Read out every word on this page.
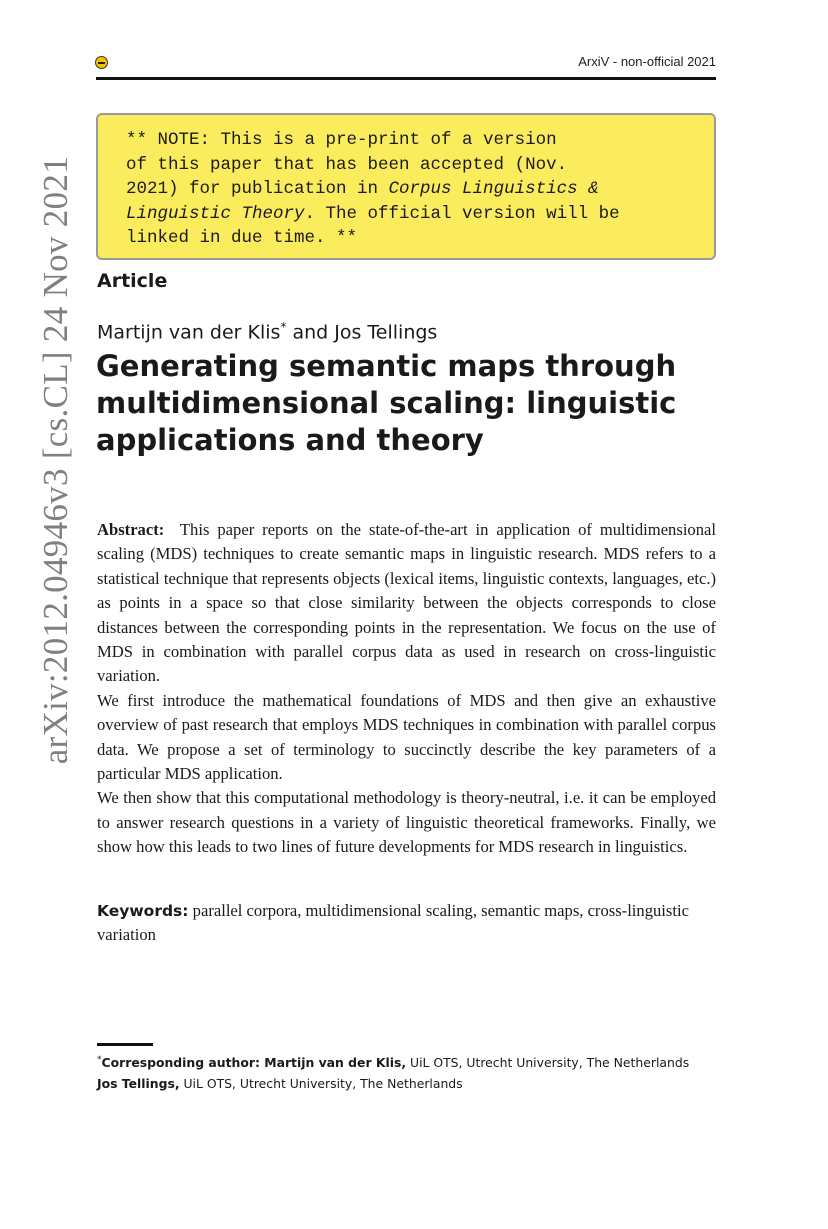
arXiv:2012.04946v3 [cs.CL] 24 Nov 2021
ArxiV - non-official 2021
** NOTE: This is a pre-print of a version
of this paper that has been accepted (Nov.
2021) for publication in Corpus Linguistics &
Linguistic Theory. The official version will be
linked in due time. **
Article
Martijn van der Klis* and Jos Tellings
Generating semantic maps through multidimensional scaling: linguistic applications and theory

Abstract: This paper reports on the state-of-the-art in application of multidimensional scaling (MDS) techniques to create semantic maps in linguistic research. MDS refers to a statistical technique that represents objects (lexical items, linguistic contexts, languages, etc.) as points in a space so that close similarity between the objects corresponds to close distances between the corresponding points in the representation. We focus on the use of MDS in combination with parallel corpus data as used in research on cross-linguistic variation.

We first introduce the mathematical foundations of MDS and then give an exhaustive overview of past research that employs MDS techniques in combination with parallel corpus data. We propose a set of terminology to succinctly describe the key parameters of a particular MDS application.

We then show that this computational methodology is theory-neutral, i.e. it can be employed to answer research questions in a variety of linguistic theoretical frameworks. Finally, we show how this leads to two lines of future developments for MDS research in linguistics.

Keywords: parallel corpora, multidimensional scaling, semantic maps, cross-linguistic variation
*Corresponding author: Martijn van der Klis, UiL OTS, Utrecht University, The Netherlands
Jos Tellings, UiL OTS, Utrecht University, The Netherlands
